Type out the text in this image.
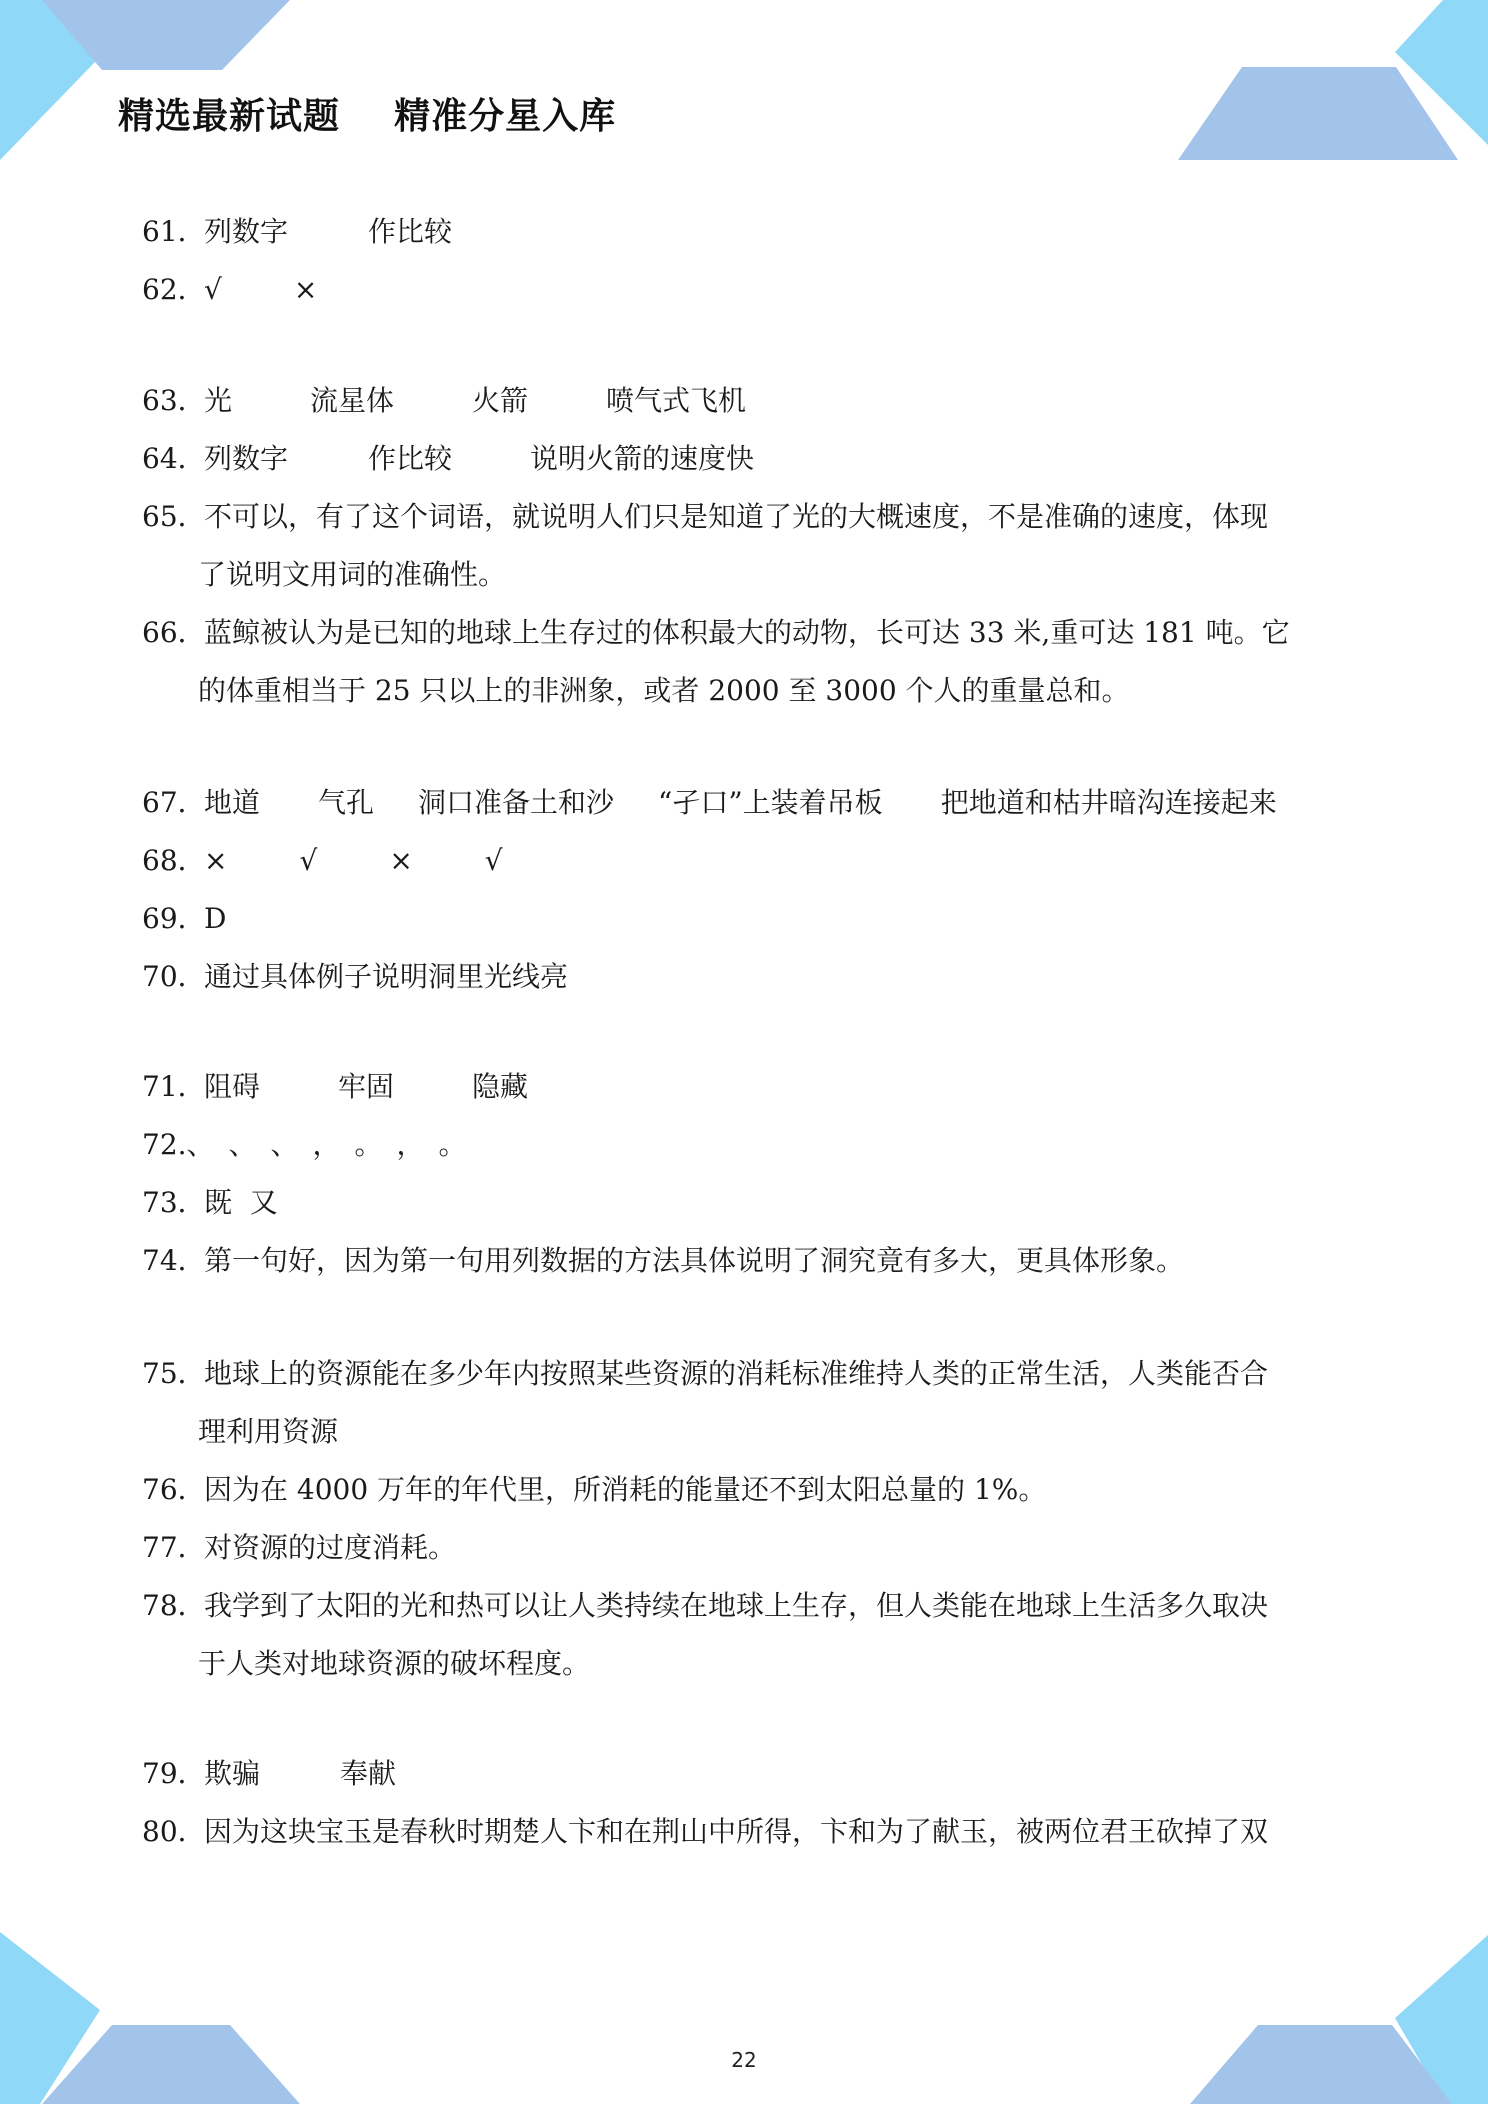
精选最新试题    精准分星入库
61．列数字	作比较
62．√	×
63．光	流星体	火箭	喷气式飞机
64．列数字	作比较	说明火箭的速度快
65．不可以，有了这个词语，就说明人们只是知道了光的大概速度，不是准确的速度，体现
了说明文用词的准确性。
66．蓝鲸被认为是已知的地球上生存过的体积最大的动物，长可达 33 米,重可达 181 吨。它
的体重相当于 25 只以上的非洲象，或者 2000 至 3000 个人的重量总和。
67．地道 气孔 洞口准备土和沙 “孑口”上装着吊板 把地道和枯井暗沟连接起来
68．×	√	×	√
69．D
70．通过具体例子说明洞里光线亮
71．阻碍	牢固	隐藏
72.、　、　、　，　。　，　。
73．既  又
74．第一句好，因为第一句用列数据的方法具体说明了洞究竟有多大，更具体形象。
75．地球上的资源能在多少年内按照某些资源的消耗标准维持人类的正常生活，人类能否合
理利用资源
76．因为在 4000 万年的年代里，所消耗的能量还不到太阳总量的 1%。
77．对资源的过度消耗。
78．我学到了太阳的光和热可以让人类持续在地球上生存，但人类能在地球上生活多久取决
于人类对地球资源的破坏程度。
79．欺骗	奉献
80．因为这块宝玉是春秋时期楚人卞和在荆山中所得，卞和为了献玉，被两位君王砍掉了双
22
